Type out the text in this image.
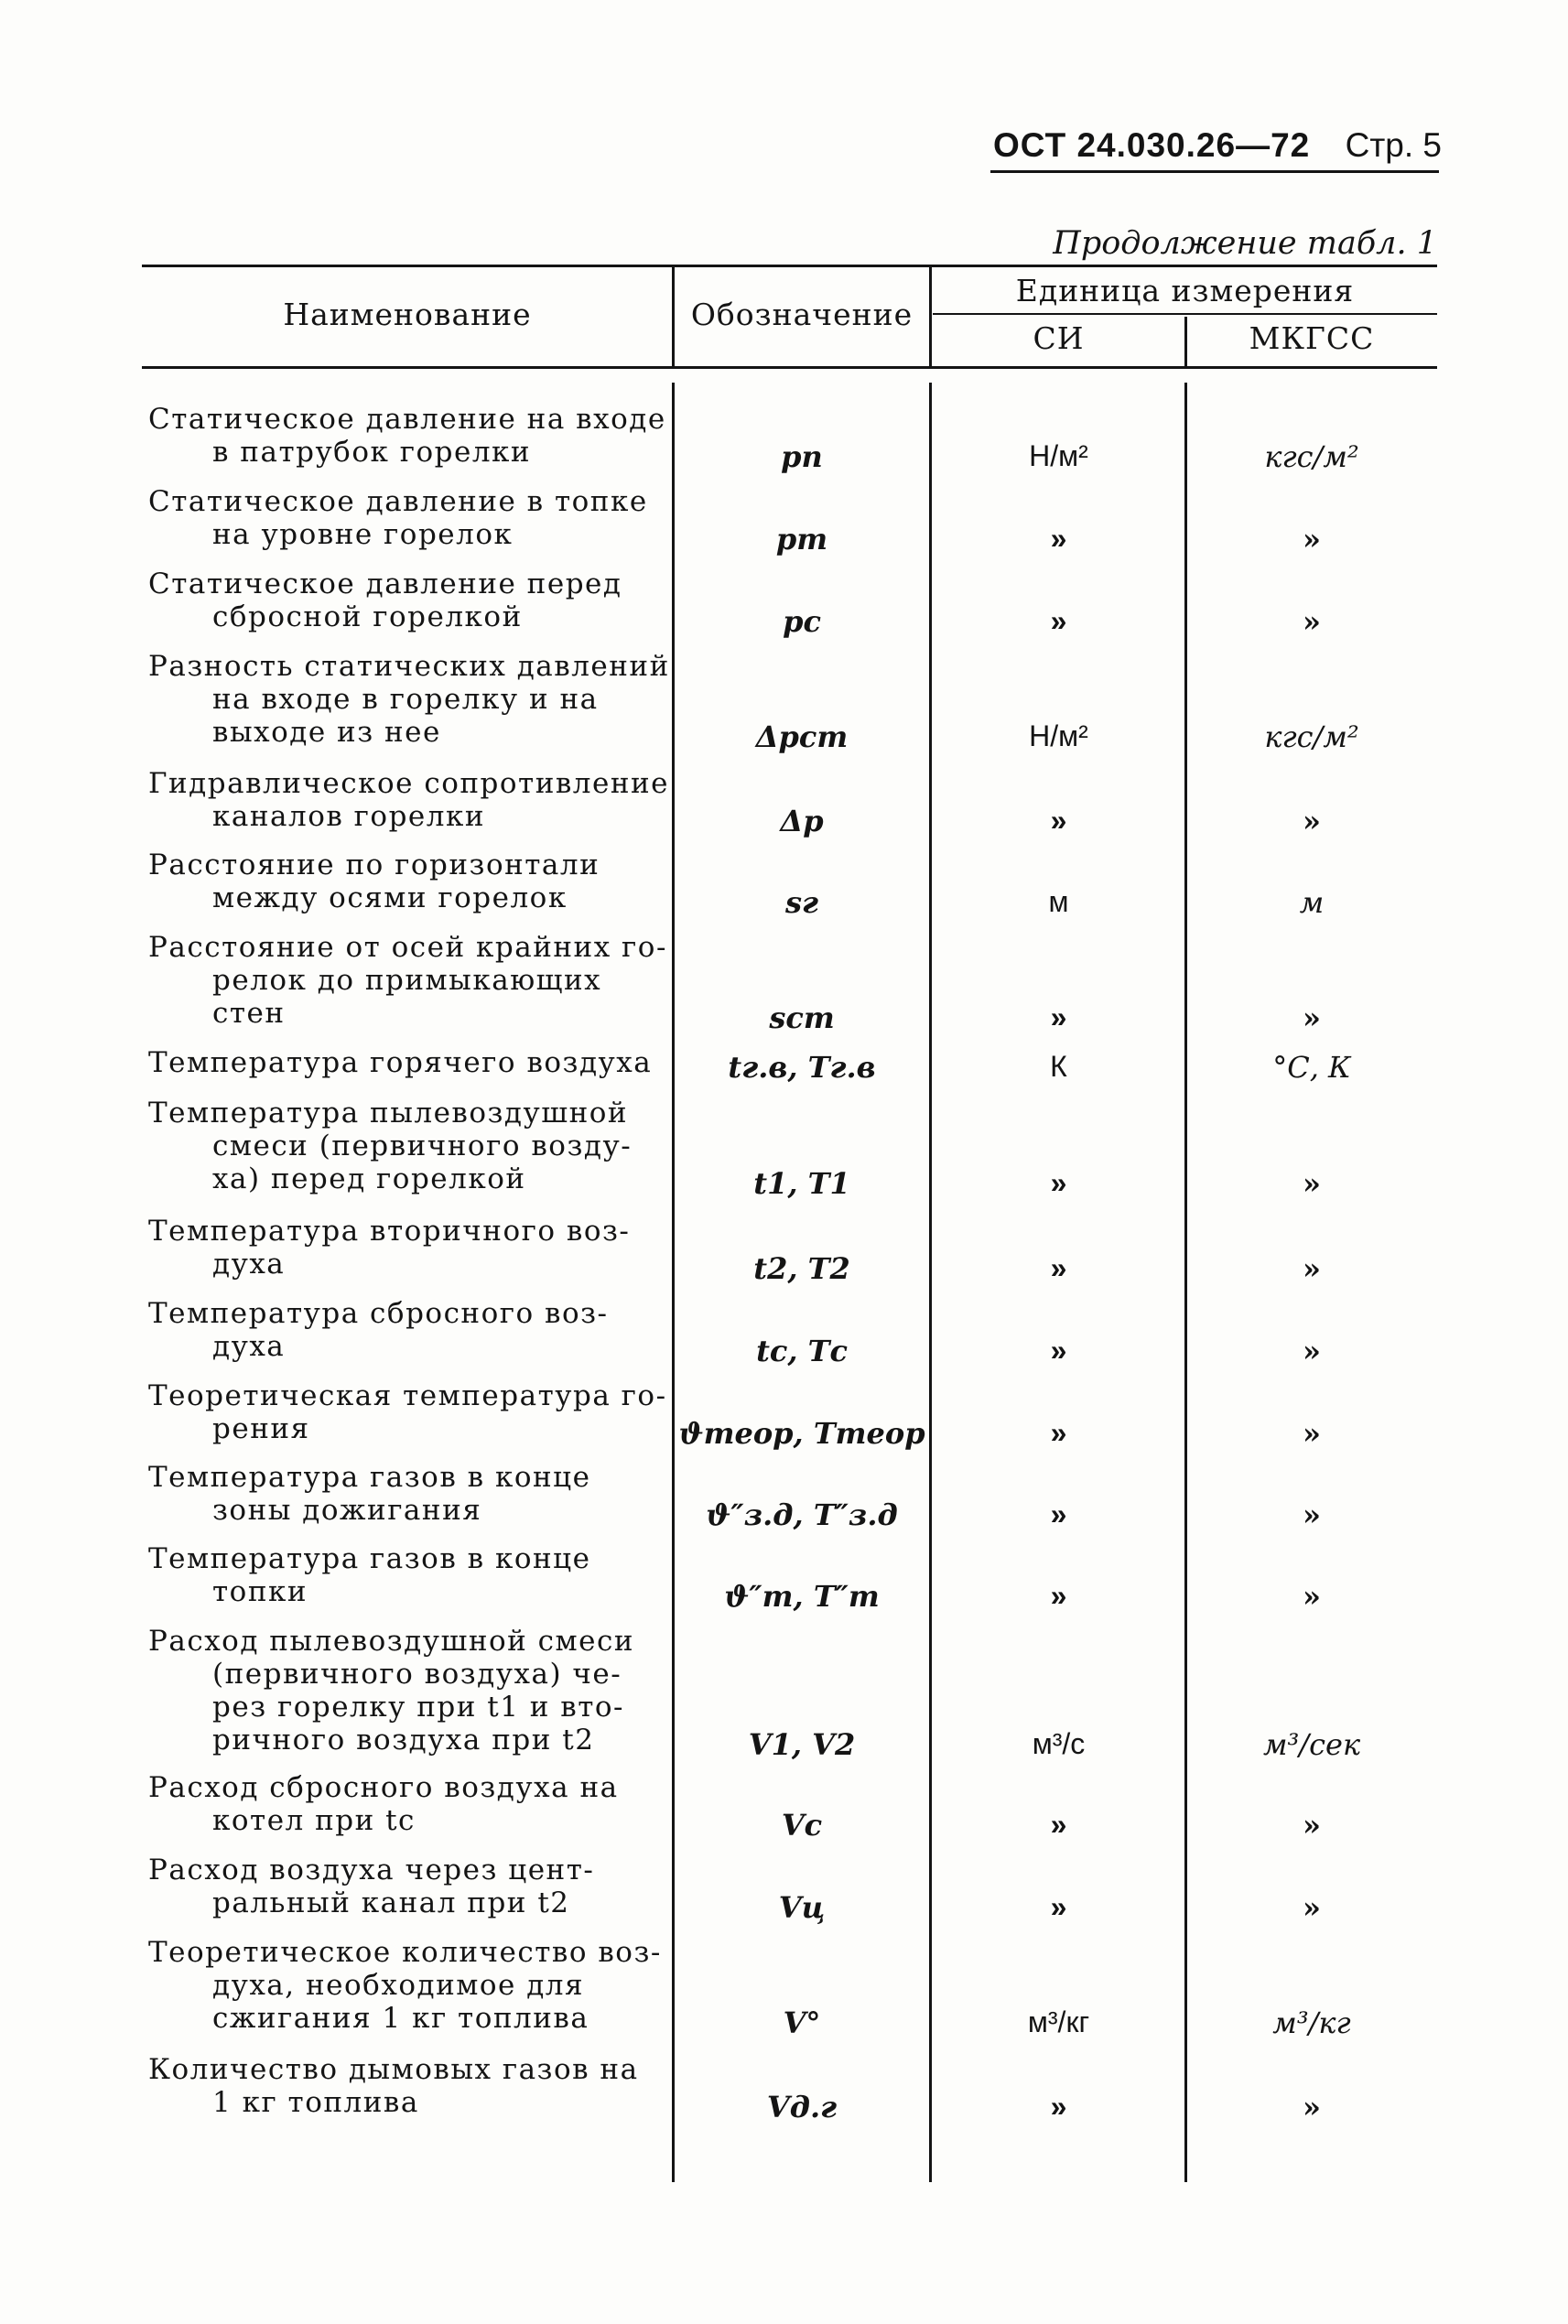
ОСТ 24.030.26—72 Стр. 5
Продолжение табл. 1
Наименование	Обозначение
Единица измерения
СИ	МКГСС
Статическое давление на входе
в патрубок горелки	pп	Н/м²	кгс/м²
Статическое давление в топке
на уровне горелок	pт	»	»
Статическое давление перед
сбросной горелкой	pс	»	»
Разность статических давлений
на входе в горелку и на
выходе из нее	Δpст	Н/м²	кгс/м²
Гидравлическое сопротивление
каналов горелки	Δp	»	»
Расстояние по горизонтали
между осями горелок	sг	м	м
Расстояние от осей крайних го-
релок до примыкающих
стен	sст	»	»
Температура горячего воздуха	tг.в, Tг.в	К	°С, К
Температура пылевоздушной
смеси (первичного возду-
ха) перед горелкой	t1, T1	»	»
Температура вторичного воз-
духа	t2, T2	»	»
Температура сбросного воз-
духа	tс, Tс	»	»
Теоретическая температура го-
рения	ϑтеор, Tтеор	»	»
Температура газов в конце
зоны дожигания	ϑ″з.д, T″з.д	»	»
Температура газов в конце
топки	ϑ″т, T″т	»	»
Расход пылевоздушной смеси
(первичного воздуха) че-
рез горелку при t1 и вто-
ричного воздуха при t2	V1, V2	м³/с	м³/сек
Расход сбросного воздуха на
котел при tс	Vс	»	»
Расход воздуха через цент-
ральный канал при t2	Vц	»	»
Теоретическое количество воз-
духа, необходимое для
сжигания 1 кг топлива	V°	м³/кг	м³/кг
Количество дымовых газов на
1 кг топлива	Vд.г	»	»
